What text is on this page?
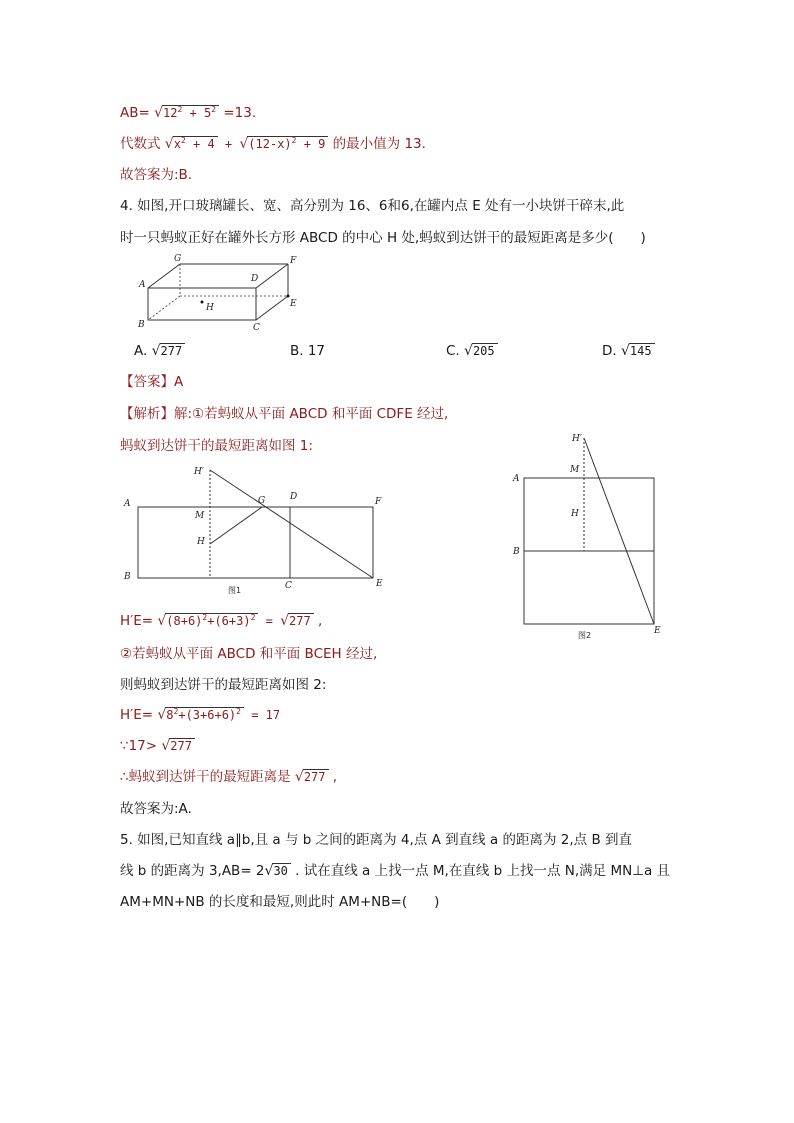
$AB= √12^2 + 5^2 =13$.
代数式 $√x^2 + 4 + √(12-x)^2 + 9$ 的最小值为 13.
故答案为:B.
4. 如图,开口玻璃罐长、宽、高分别为 16、6和6,在罐内点 E 处有一小块饼干碎末,此
时一只蚂蚁正好在罐外长方形 ABCD 的中心 H 处,蚂蚁到达饼干的最短距离是多少(　　)
G
D
F
A
H	E
B	C
A. √277	B. 17	C. √205	D. √145
【答案】A
【解析】解:①若蚂蚁从平面 ABCD 和平面 CDFE 经过,
蚂蚁到达饼干的最短距离如图 1:
H′
A	G	D	F
M
H
B
C	E
图1
H′
M
A
H
B
E
图2
$H'E= √(8+6)^2+(6+3)^2 = √277$ ,
②若蚂蚁从平面 ABCD 和平面 BCEH 经过,
则蚂蚁到达饼干的最短距离如图 2:
$H'E= √8^2+(3+6+6)^2 = 17$
∵17> √277
∴蚂蚁到达饼干的最短距离是 √277 ,
故答案为:A.
5. 如图,已知直线 a∥b,且 a 与 b 之间的距离为 4,点 A 到直线 a 的距离为 2,点 B 到直
线 b 的距离为 3,AB= 2√30 . 试在直线 a 上找一点 M,在直线 b 上找一点 N,满足 MN⊥a 且
AM+MN+NB 的长度和最短,则此时 AM+NB=(　　)
